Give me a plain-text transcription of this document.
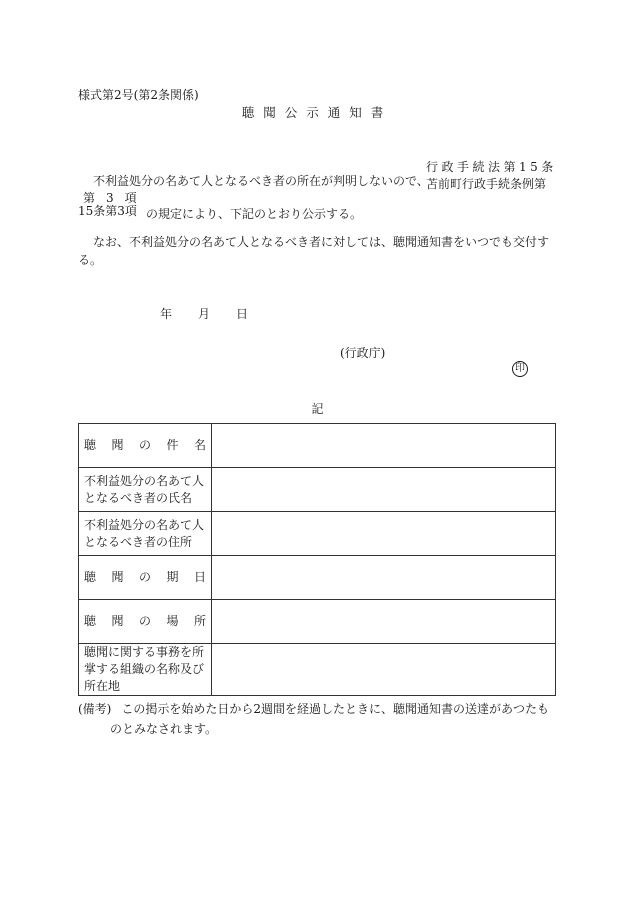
様式第2号(第2条関係)
聴聞公示通知書
不利益処分の名あて人となるべき者の所在が判明しないので、
行政手続法第15条
苫前町行政手続条例第
第3項
15条第3項 の規定により、下記のとおり公示する。
なお、不利益処分の名あて人となるべき者に対しては、聴聞通知書をいつでも交付す
る。
年 月 日
(行政庁)
印
記
聴 聞 の 件 名	

不利益処分の名あて人となるべき者の氏名	
不利益処分の名あて人となるべき者の住所	

聴 聞 の 期 日	

聴 聞 の 場 所	

聴聞に関する事務を所掌する組織の名称及び所在地	
(備考) この掲示を始めた日から2週間を経過したときに、聴聞通知書の送達があつたも
のとみなされます。
